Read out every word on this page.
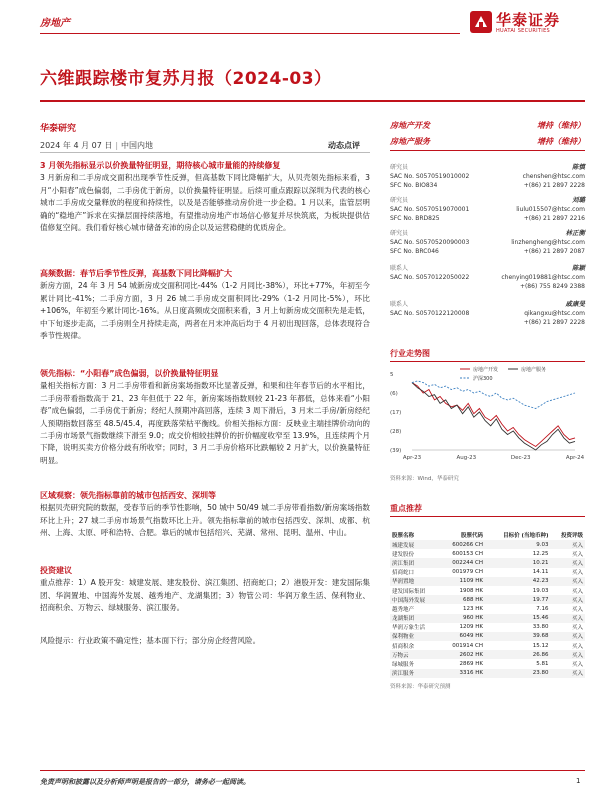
房地产	华泰证券
HUATAI SECURITIES
六维跟踪楼市复苏月报（2024-03）
华泰研究
2024 年 4 月 07 日 | 中国内地	动态点评
3 月领先指标显示以价换量特征明显，期待核心城市量能的持续修复
3 月新房和二手房成交面积出现季节性反弹，但高基数下同比降幅扩大，从贝壳领先指标来看，3 月“小阳春”成色偏弱，二手房优于新房，以价换量特征明显。后续可重点跟踪以深圳为代表的核心城市二手房成交量释放的程度和持续性，以及是否能够推动房价进一步企稳。1 月以来，监管层明确的“稳地产”诉求在实操层面持续落地，有望推动房地产市场信心修复并尽快筑底，为板块提供估值修复空间。我们看好核心城市储备充沛的房企以及运营稳健的优质房企。
高频数据：春节后季节性反弹，高基数下同比降幅扩大
新房方面，24 年 3 月 54 城新房成交面积同比-44%（1-2 月同比-38%），环比+77%，年初至今累计同比-41%；二手房方面，3 月 26 城二手房成交面积同比-29%（1-2 月同比-5%），环比+106%，年初至今累计同比-16%。从日度高频成交面积来看，3 月上旬新房成交面积先是走低，中下旬逐步走高，二手房则全月持续走高，两者在月末冲高后均于 4 月初出现回落，总体表现符合季节性规律。
领先指标：“小阳春”成色偏弱，以价换量特征明显
量相关指标方面：3 月二手房带看和新房案场指数环比显著反弹，和果和往年春节后的水平相比，二手房带看指数高于 21、23 年但低于 22 年，新房案场指数则较 21-23 年都低，总体来看“小阳春”成色偏弱，二手房优于新房；经纪人预期冲高回落，连续 3 周下滑后，3 月末二手房/新房经纪人预期指数回落至 48.5/45.4，再度跌落荣枯平衡线。价相关指标方面：反映业主端挂牌价动向的二手房市场景气指数继续下滑至 9.0；成交价相较挂牌价的折价幅度收窄至 13.9%，且连续两个月下降，说明买卖方价格分歧有所收窄；同时，3 月二手房价格环比跌幅较 2 月扩大，以价换量特征明显。
区域观察：领先指标靠前的城市包括西安、深圳等
根据贝壳研究院的数据，受春节后的季节性影响，50 城中 50/49 城二手房带看指数/新房案场指数环比上升；27 城二手房市场景气指数环比上升。领先指标靠前的城市包括西安、深圳、成都、杭州、上海、太原、呼和浩特、合肥。靠后的城市包括绍兴、芜湖、常州、昆明、温州、中山。
投资建议
重点推荐：1）A 股开发：城建发展、建发股份、滨江集团、招商蛇口；2）港股开发：建发国际集团、华润置地、中国海外发展、越秀地产、龙湖集团；3）物管公司：华润万象生活、保利物业、招商积余、万物云、绿城服务、滨江服务。
风险提示：行业政策不确定性；基本面下行；部分房企经营风险。
房地产开发	增持（维持）
房地产服务	增持（维持）
研究员	陈慎
SAC No. S0570519010002	chenshen@htsc.com
SFC No. BIO834	+(86) 21 2897 2228
研究员	刘璐
SAC No. S0570519070001	liulu015507@htsc.com
SFC No. BRD825	+(86) 21 2897 2216
研究员	林正衡
SAC No. S0570520090003	linzhengheng@htsc.com
SFC No. BRC046	+(86) 21 2897 2087
联系人	陈颖
SAC No. S0570122050022	chenying019881@htsc.com
+(86) 755 8249 2388
联系人	戚康旻
SAC No. S0570122120008	qikangxu@htsc.com
+(86) 21 2897 2228
行业走势图
5
(6)
(17)
(28)
(39)
Apr-23	Aug-23	Dec-23	Apr-24
房地产开发	房地产服务
沪深300
资料来源：Wind，华泰研究
重点推荐
股票名称	股票代码	目标价 (当地币种)	投资评级
城建发展	600266 CH	9.03	买入
建发股份	600153 CH	12.25	买入
滨江集团	002244 CH	10.21	买入
招商蛇口	001979 CH	14.11	买入
华润置地	1109 HK	42.23	买入
建发国际集团	1908 HK	19.03	买入
中国海外发展	688 HK	19.77	买入
越秀地产	123 HK	7.16	买入
龙湖集团	960 HK	15.46	买入
华润万象生活	1209 HK	33.80	买入
保利物业	6049 HK	39.68	买入
招商积余	001914 CH	15.12	买入
万物云	2602 HK	26.86	买入
绿城服务	2869 HK	5.81	买入
滨江服务	3316 HK	23.80	买入
资料来源：华泰研究预测
免责声明和披露以及分析师声明是报告的一部分，请务必一起阅读。	1
